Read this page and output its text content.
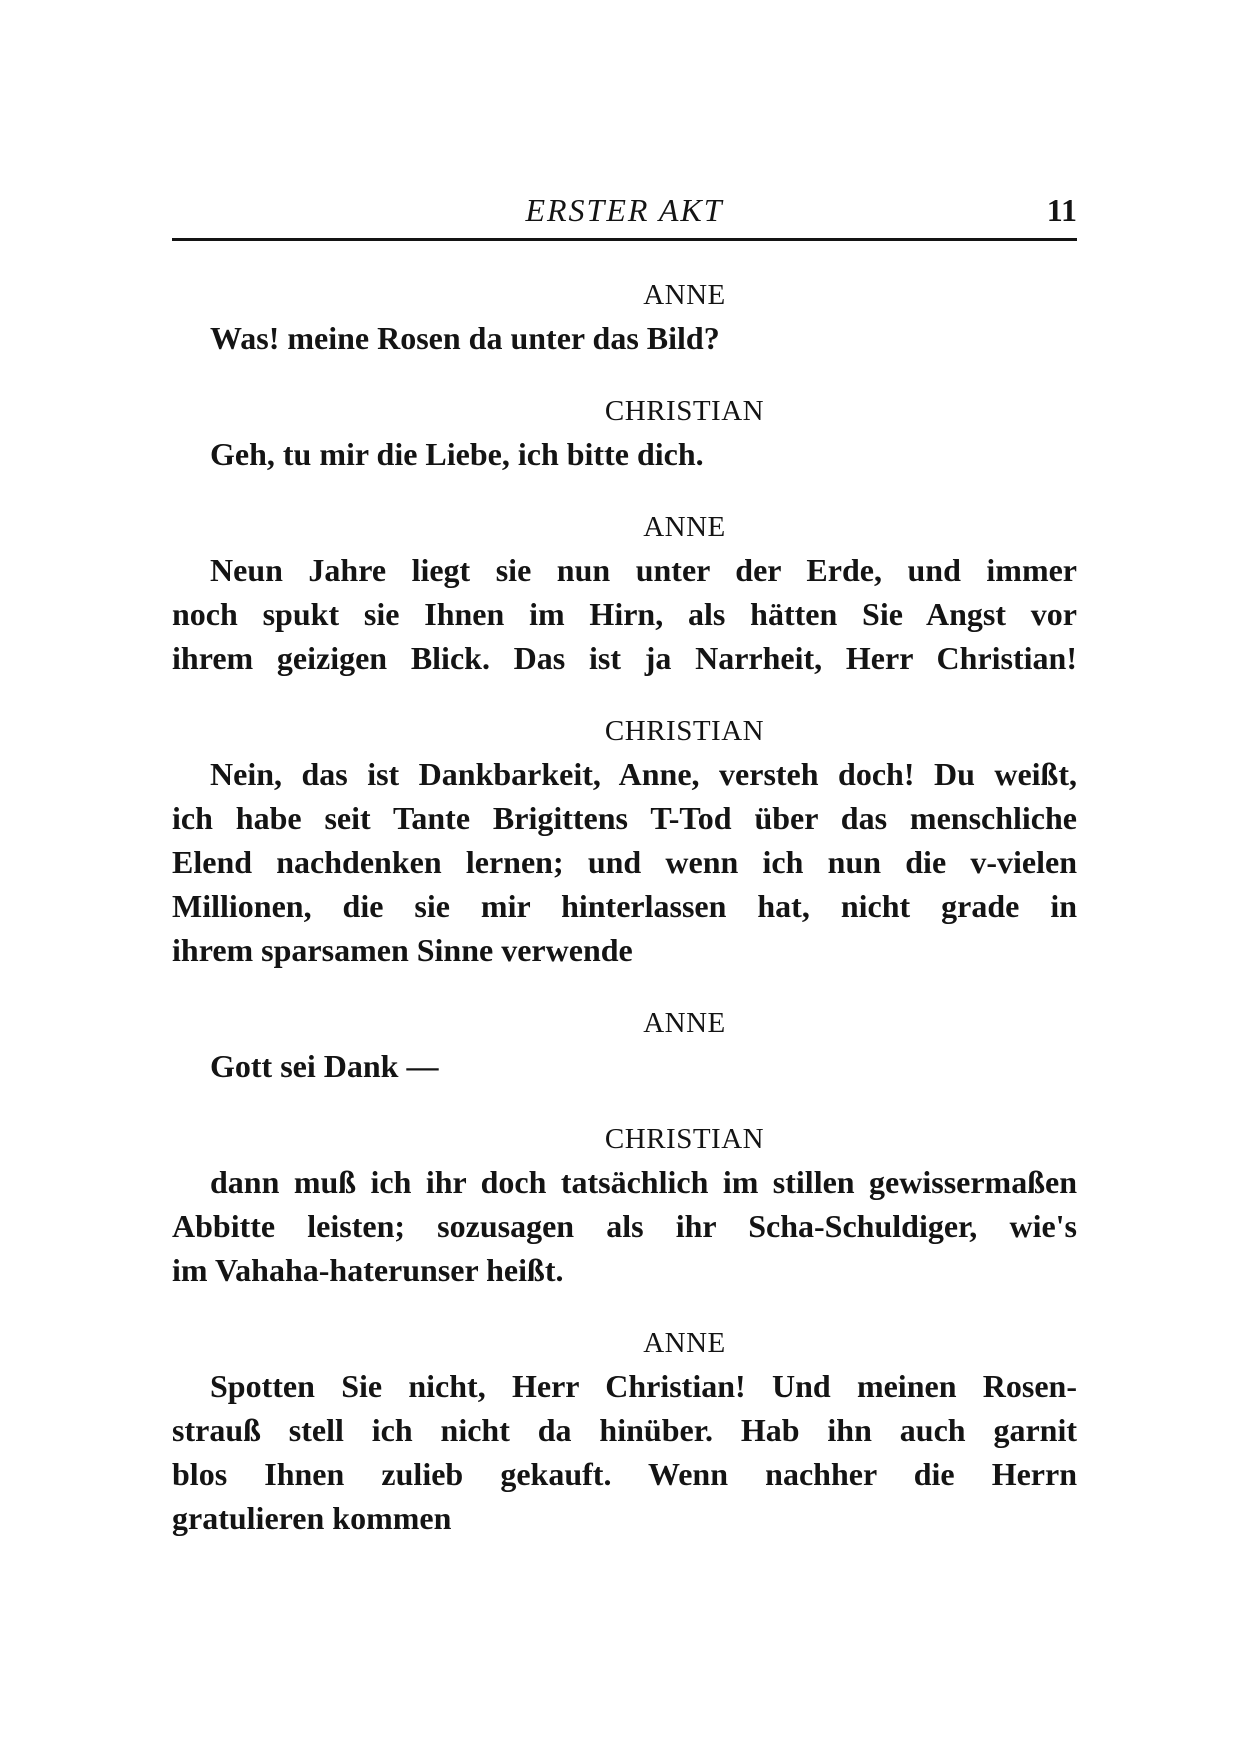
ERSTER AKT	11
ANNE
Was! meine Rosen da unter das Bild?
CHRISTIAN
Geh, tu mir die Liebe, ich bitte dich.
ANNE
Neun Jahre liegt sie nun unter der Erde, und immer
noch spukt sie Ihnen im Hirn, als hätten Sie Angst vor
ihrem geizigen Blick. Das ist ja Narrheit, Herr Christian!
CHRISTIAN
Nein, das ist Dankbarkeit, Anne, versteh doch! Du weißt,
ich habe seit Tante Brigittens T-Tod über das menschliche
Elend nachdenken lernen; und wenn ich nun die v-vielen
Millionen, die sie mir hinterlassen hat, nicht grade in
ihrem sparsamen Sinne verwende
ANNE
Gott sei Dank —
CHRISTIAN
dann muß ich ihr doch tatsächlich im stillen gewissermaßen
Abbitte leisten; sozusagen als ihr Scha-Schuldiger, wie's
im Vahaha-haterunser heißt.
ANNE
Spotten Sie nicht, Herr Christian! Und meinen Rosen-
strauß stell ich nicht da hinüber. Hab ihn auch garnit
blos Ihnen zulieb gekauft. Wenn nachher die Herrn
gratulieren kommen
